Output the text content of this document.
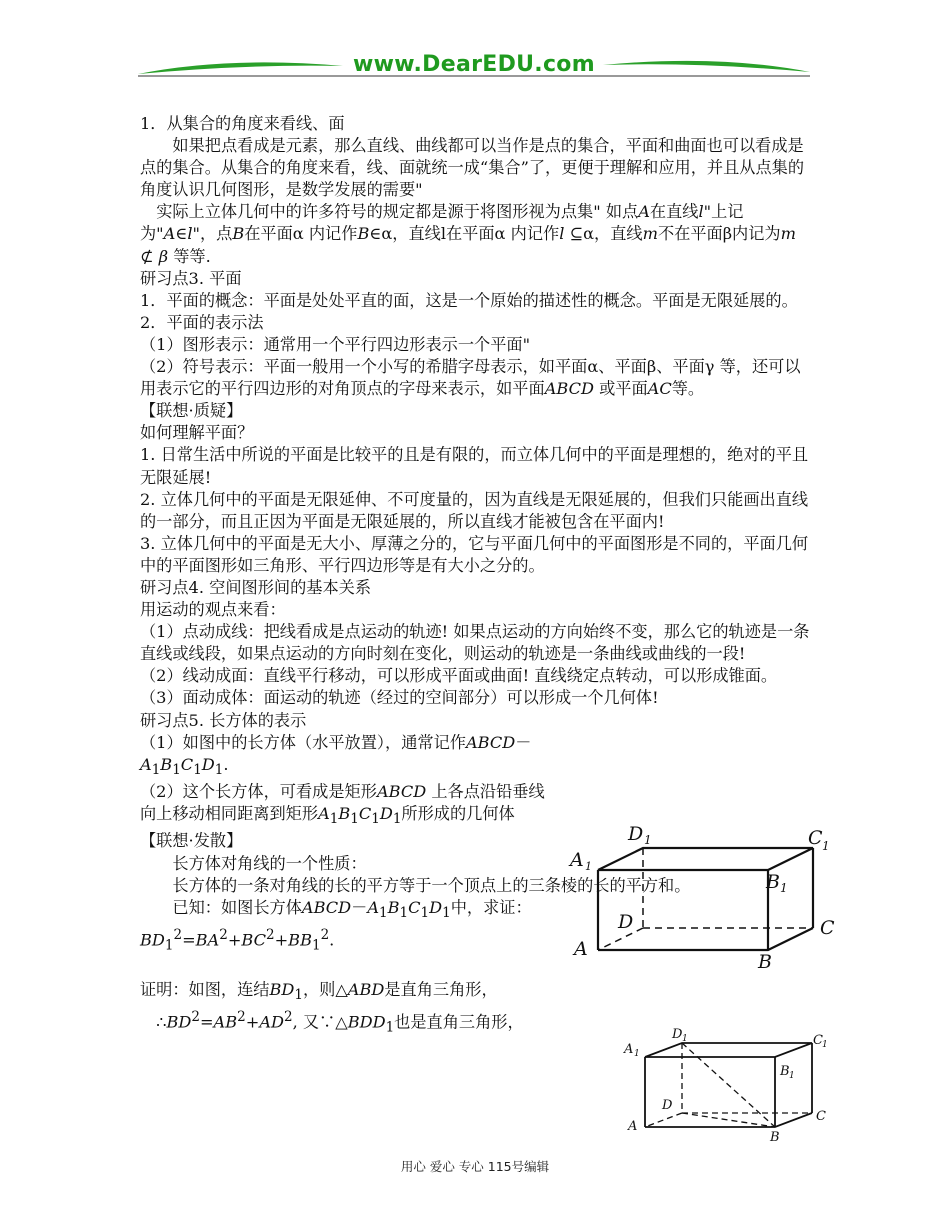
www.DearEDU.com

1．从集合的角度来看线、面

如果把点看成是元素，那么直线、曲线都可以当作是点的集合，平面和曲面也可以看成是点的集合。从集合的角度来看，线、面就统一成“集合”了，更便于理解和应用，并且从点集的角度认识几何图形，是数学发展的需要"

实际上立体几何中的许多符号的规定都是源于将图形视为点集" 如点A在直线l"上记为"A∈l"，点B在平面α 内记作B∈α，直线l在平面α 内记作l ⊆α，直线m不在平面β内记为m ⊄ β 等等.

研习点3. 平面

1．平面的概念：平面是处处平直的面，这是一个原始的描述性的概念。平面是无限延展的。

2．平面的表示法

（1）图形表示：通常用一个平行四边形表示一个平面"

（2）符号表示：平面一般用一个小写的希腊字母表示，如平面α、平面β、平面γ 等，还可以用表示它的平行四边形的对角顶点的字母来表示，如平面ABCD 或平面AC等。

【联想·质疑】

如何理解平面？

1. 日常生活中所说的平面是比较平的且是有限的，而立体几何中的平面是理想的，绝对的平且无限延展!

2. 立体几何中的平面是无限延伸、不可度量的，因为直线是无限延展的，但我们只能画出直线的一部分，而且正因为平面是无限延展的，所以直线才能被包含在平面内!

3. 立体几何中的平面是无大小、厚薄之分的，它与平面几何中的平面图形是不同的，平面几何中的平面图形如三角形、平行四边形等是有大小之分的。

研习点4. 空间图形间的基本关系

用运动的观点来看：

（1）点动成线：把线看成是点运动的轨迹! 如果点运动的方向始终不变，那么它的轨迹是一条直线或线段，如果点运动的方向时刻在变化，则运动的轨迹是一条曲线或曲线的一段!

（2）线动成面：直线平行移动，可以形成平面或曲面! 直线绕定点转动，可以形成锥面。

（3）面动成体：面运动的轨迹（经过的空间部分）可以形成一个几何体!

研习点5. 长方体的表示

（1）如图中的长方体（水平放置），通常记作$ABCD-A_1B_1C_1D_1$.

（2）这个长方体，可看成是矩形ABCD 上各点沿铅垂线向上移动相同距离到矩形$A_1B_1C_1D_1$所形成的几何体

【联想·发散】

长方体对角线的一个性质：

长方体的一条对角线的长的平方等于一个顶点上的三条棱的长的平方和。

已知：如图长方体$ABCD-A_1B_1C_1D_1$中，求证：

$BD_1^2=BA^2+BC^2+BB_1^2$.

证明：如图，连结$BD_1$，则△ABD是直角三角形，

$\therefore BD^2=AB^2+AD^2$, 又$\because\triangle BDD_1$也是直角三角形，

D 1
A 1
C 1
B 1
D	C
A
B
D 1
A 1
C 1
B 1
D
C
A
B
用心 爱心 专心 115号编辑
